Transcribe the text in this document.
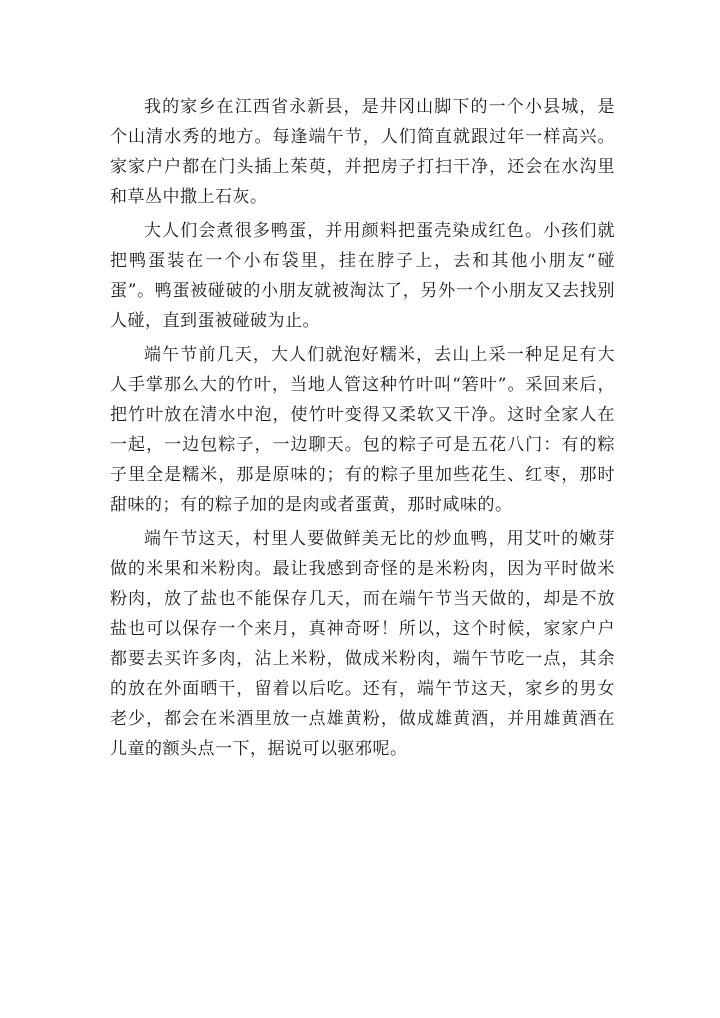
我的家乡在江西省永新县，是井冈山脚下的一个小县城，是个山清水秀的地方。每逢端午节，人们简直就跟过年一样高兴。家家户户都在门头插上茱萸，并把房子打扫干净，还会在水沟里和草丛中撒上石灰。

大人们会煮很多鸭蛋，并用颜料把蛋壳染成红色。小孩们就把鸭蛋装在一个小布袋里，挂在脖子上，去和其他小朋友“碰蛋”。鸭蛋被碰破的小朋友就被淘汰了，另外一个小朋友又去找别人碰，直到蛋被碰破为止。

端午节前几天，大人们就泡好糯米，去山上采一种足足有大人手掌那么大的竹叶，当地人管这种竹叶叫“箬叶”。采回来后，把竹叶放在清水中泡，使竹叶变得又柔软又干净。这时全家人在一起，一边包粽子，一边聊天。包的粽子可是五花八门：有的粽子里全是糯米，那是原味的；有的粽子里加些花生、红枣，那时甜味的；有的粽子加的是肉或者蛋黄，那时咸味的。

端午节这天，村里人要做鲜美无比的炒血鸭，用艾叶的嫩芽做的米果和米粉肉。最让我感到奇怪的是米粉肉，因为平时做米粉肉，放了盐也不能保存几天，而在端午节当天做的，却是不放盐也可以保存一个来月，真神奇呀！所以，这个时候，家家户户都要去买许多肉，沾上米粉，做成米粉肉，端午节吃一点，其余的放在外面晒干，留着以后吃。还有，端午节这天，家乡的男女老少，都会在米酒里放一点雄黄粉，做成雄黄酒，并用雄黄酒在儿童的额头点一下，据说可以驱邪呢。
